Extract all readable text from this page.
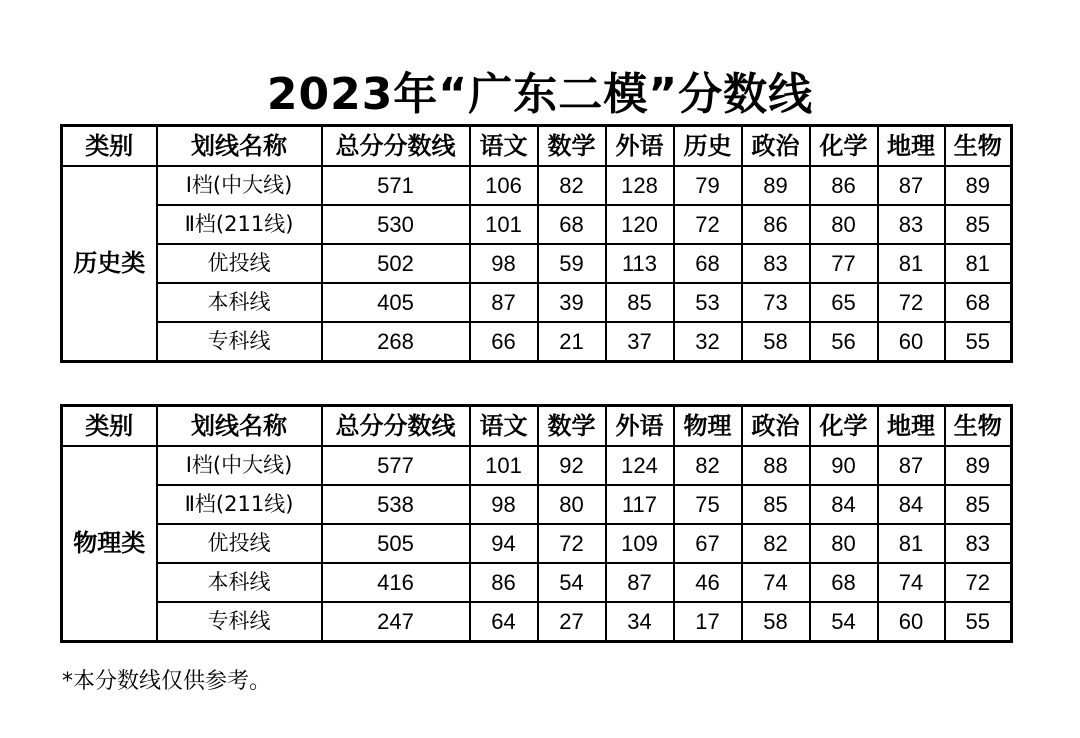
2023年“广东二模”分数线
类别	划线名称	总分分数线	语文	数学	外语	历史	政治	化学	地理	生物
历史类	Ⅰ档(中大线)	571	106	82	128	79	89	86	87	89
	Ⅱ档(211线)	530	101	68	120	72	86	80	83	85
	优投线	502	98	59	113	68	83	77	81	81
	本科线	405	87	39	85	53	73	65	72	68
	专科线	268	66	21	37	32	58	56	60	55
类别	划线名称	总分分数线	语文	数学	外语	物理	政治	化学	地理	生物
物理类	Ⅰ档(中大线)	577	101	92	124	82	88	90	87	89
	Ⅱ档(211线)	538	98	80	117	75	85	84	84	85
	优投线	505	94	72	109	67	82	80	81	83
	本科线	416	86	54	87	46	74	68	74	72
	专科线	247	64	27	34	17	58	54	60	55
*本分数线仅供参考。
